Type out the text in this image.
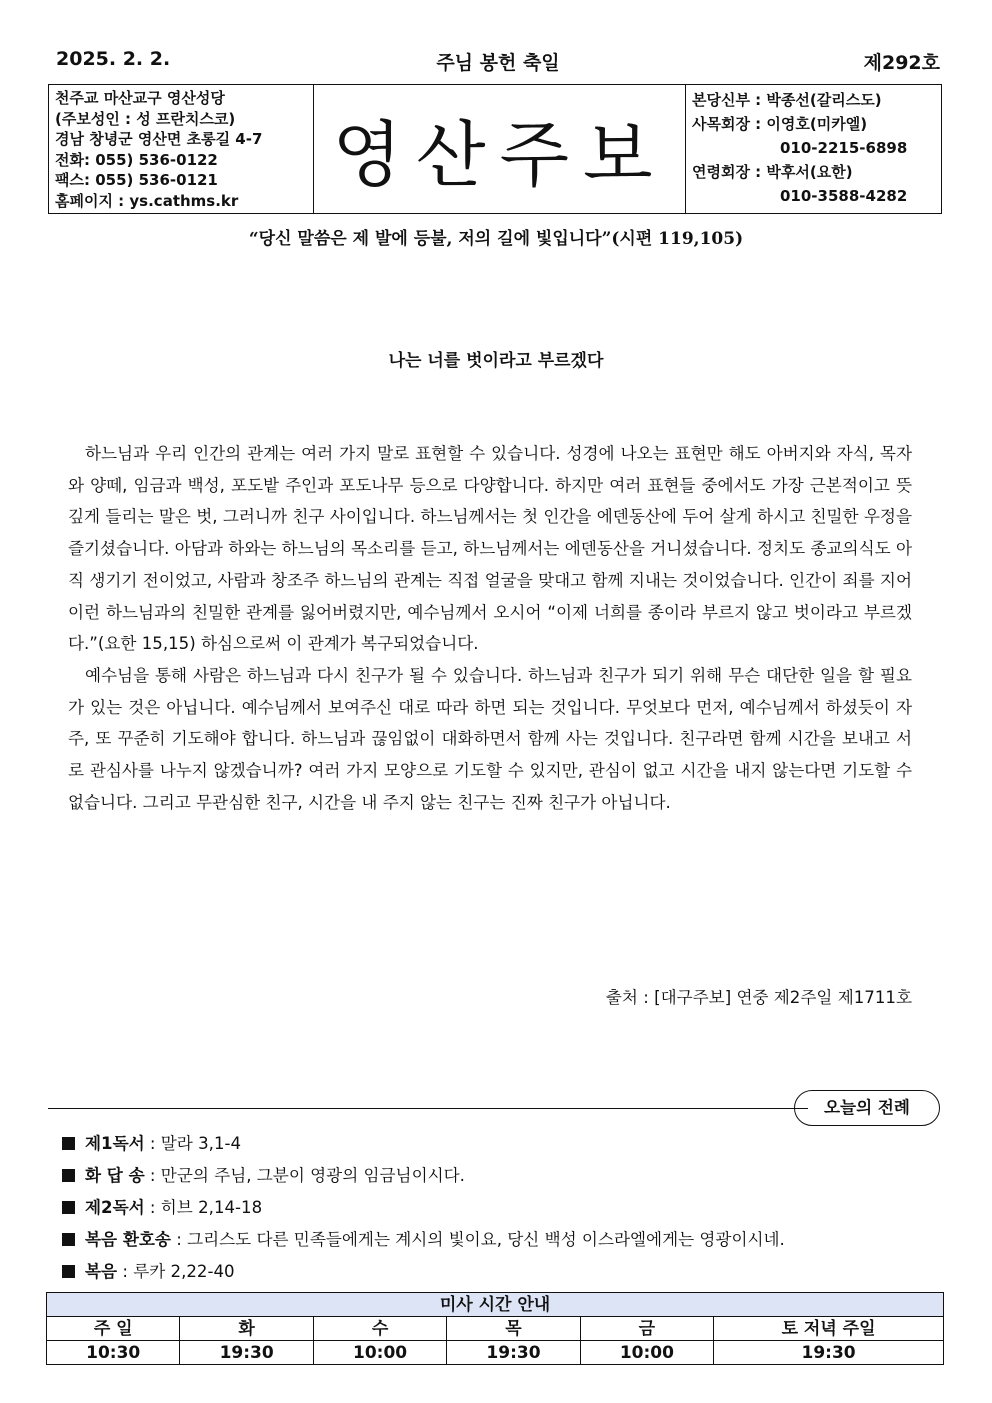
2025. 2. 2.	주님 봉헌 축일	제292호
천주교 마산교구 영산성당
(주보성인 : 성 프란치스코)
경남 창녕군 영산면 초롱길 4-7
전화: 055) 536-0122
팩스: 055) 536-0121
홈페이지 : ys.cathms.kr
영산주보
본당신부 : 박종선(갈리스도)
사목회장 : 이영호(미카엘)
010-2215-6898
연령회장 : 박후서(요한)
010-3588-4282
“당신 말씀은 제 발에 등불, 저의 길에 빛입니다”(시편 119,105)
나는 너를 벗이라고 부르겠다

하느님과 우리 인간의 관계는 여러 가지 말로 표현할 수 있습니다. 성경에 나오는 표현만 해도 아버지와 자식, 목자와 양떼, 임금과 백성, 포도밭 주인과 포도나무 등으로 다양합니다. 하지만 여러 표현들 중에서도 가장 근본적이고 뜻깊게 들리는 말은 벗, 그러니까 친구 사이입니다. 하느님께서는 첫 인간을 에덴동산에 두어 살게 하시고 친밀한 우정을 즐기셨습니다. 아담과 하와는 하느님의 목소리를 듣고, 하느님께서는 에덴동산을 거니셨습니다. 정치도 종교의식도 아직 생기기 전이었고, 사람과 창조주 하느님의 관계는 직접 얼굴을 맞대고 함께 지내는 것이었습니다. 인간이 죄를 지어 이런 하느님과의 친밀한 관계를 잃어버렸지만, 예수님께서 오시어 “이제 너희를 종이라 부르지 않고 벗이라고 부르겠다.”(요한 15,15) 하심으로써 이 관계가 복구되었습니다.

예수님을 통해 사람은 하느님과 다시 친구가 될 수 있습니다. 하느님과 친구가 되기 위해 무슨 대단한 일을 할 필요가 있는 것은 아닙니다. 예수님께서 보여주신 대로 따라 하면 되는 것입니다. 무엇보다 먼저, 예수님께서 하셨듯이 자주, 또 꾸준히 기도해야 합니다. 하느님과 끊임없이 대화하면서 함께 사는 것입니다. 친구라면 함께 시간을 보내고 서로 관심사를 나누지 않겠습니까? 여러 가지 모양으로 기도할 수 있지만, 관심이 없고 시간을 내지 않는다면 기도할 수 없습니다. 그리고 무관심한 친구, 시간을 내 주지 않는 친구는 진짜 친구가 아닙니다.

출처 : [대구주보] 연중 제2주일 제1711호
오늘의 전례
제1독서 : 말라 3,1-4
화 답 송 : 만군의 주님, 그분이 영광의 임금님이시다.
제2독서 : 히브 2,14-18
복음 환호송 : 그리스도 다른 민족들에게는 계시의 빛이요, 당신 백성 이스라엘에게는 영광이시네.
복음 : 루카 2,22-40
미사 시간 안내					
주 일	화	수	목	금	토 저녁 주일
10:30	19:30	10:00	19:30	10:00	19:30
